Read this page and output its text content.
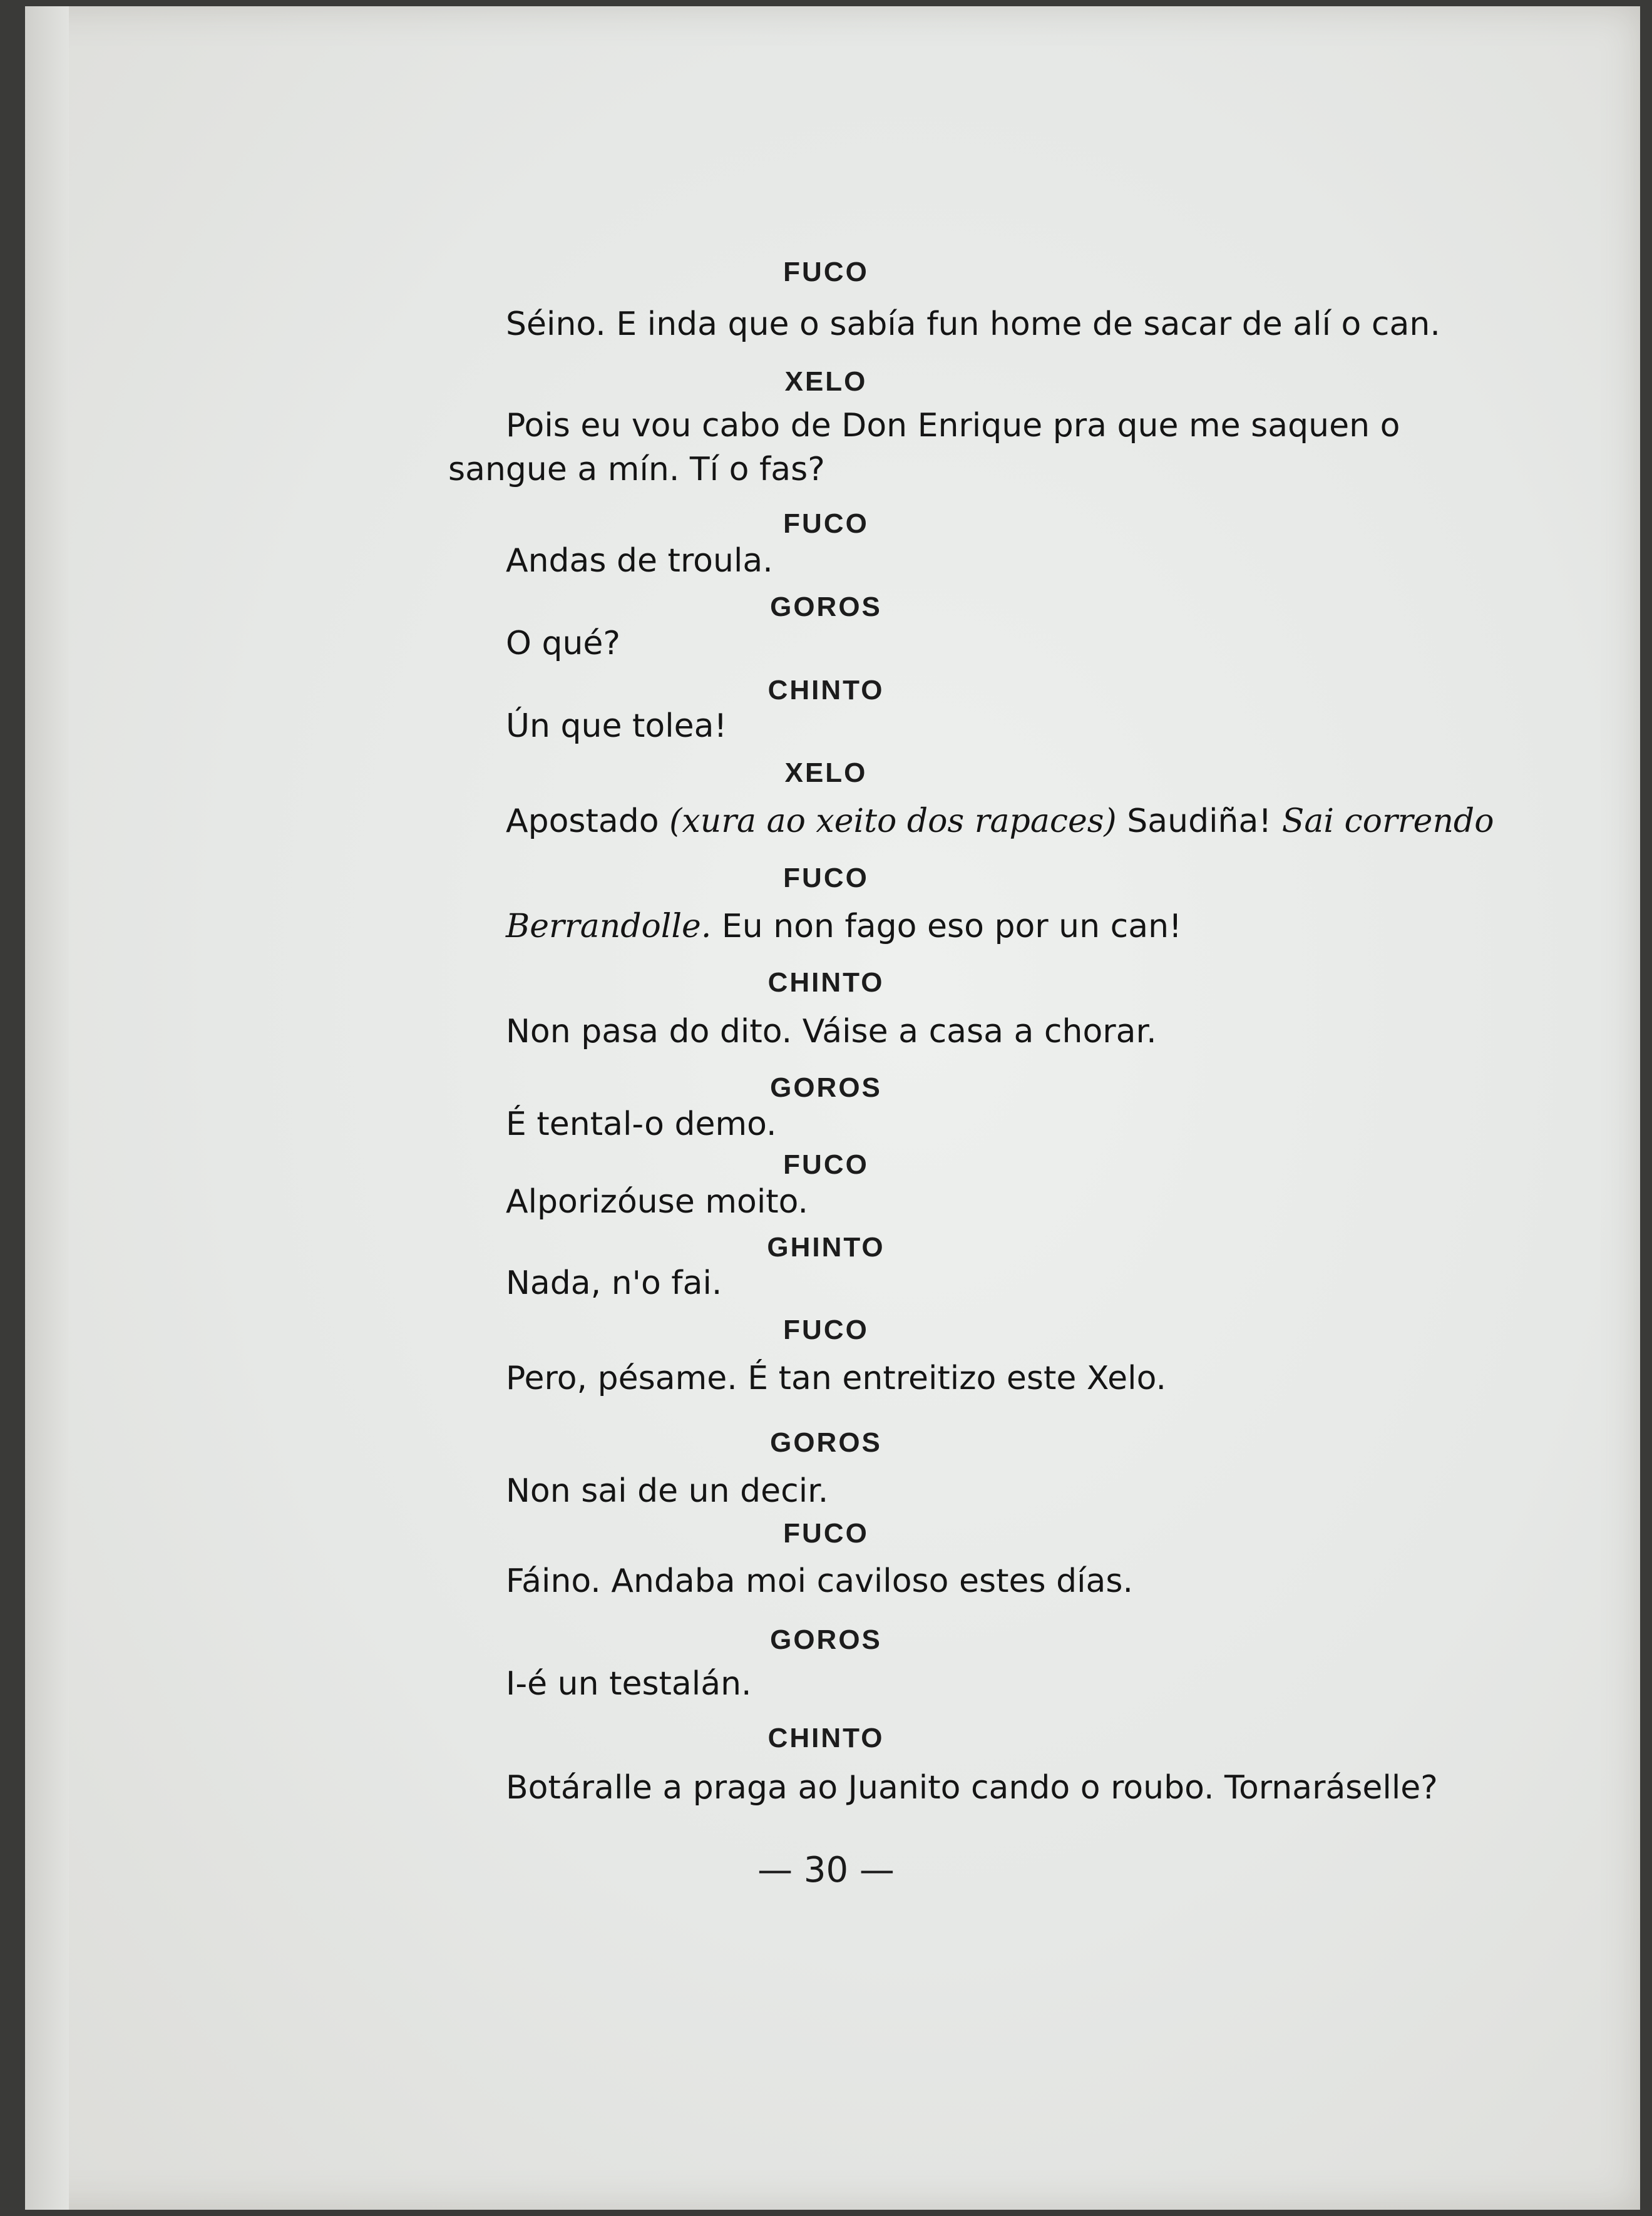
FUCO
Séino. E inda que o sabía fun home de sacar de alí o can.
XELO
Pois eu vou cabo de Don Enrique pra que me saquen o
sangue a mín. Tí o fas?
FUCO
Andas de troula.
GOROS
O qué?
CHINTO
Ún que tolea!
XELO
Apostado (xura ao xeito dos rapaces) Saudiña! Sai correndo
FUCO
Berrandolle. Eu non fago eso por un can!
CHINTO
Non pasa do dito. Váise a casa a chorar.
GOROS
É tental-o demo.
FUCO
Alporizóuse moito.
GHINTO
Nada, n'o fai.
FUCO
Pero, pésame. É tan entreitizo este Xelo.
GOROS
Non sai de un decir.
FUCO
Fáino. Andaba moi caviloso estes días.
GOROS
I-é un testalán.
CHINTO
Botáralle a praga ao Juanito cando o roubo. Tornaráselle?
— 30 —
